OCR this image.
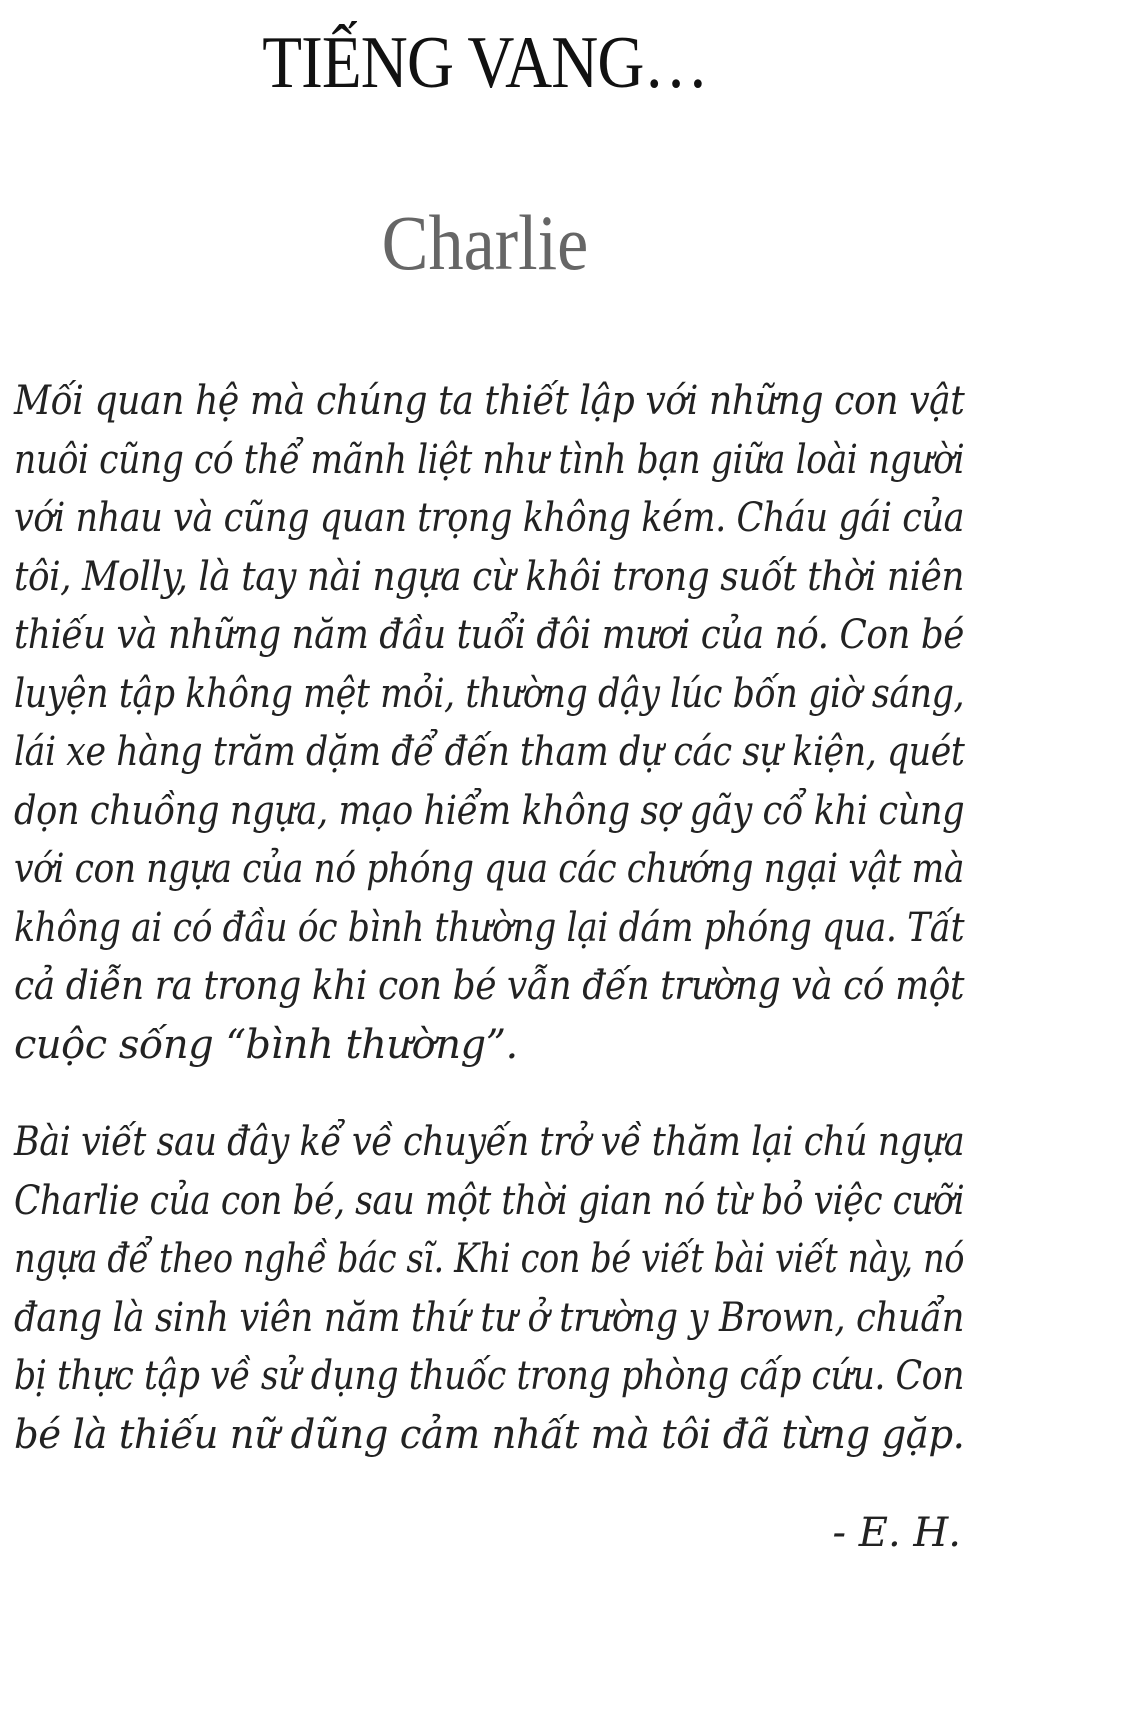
TIẾNG VANG…
Charlie

Mối quan hệ mà chúng ta thiết lập với những con vật
nuôi cũng có thể mãnh liệt như tình bạn giữa loài người
với nhau và cũng quan trọng không kém. Cháu gái của
tôi, Molly, là tay nài ngựa cừ khôi trong suốt thời niên
thiếu và những năm đầu tuổi đôi mươi của nó. Con bé
luyện tập không mệt mỏi, thường dậy lúc bốn giờ sáng,
lái xe hàng trăm dặm để đến tham dự các sự kiện, quét
dọn chuồng ngựa, mạo hiểm không sợ gãy cổ khi cùng
với con ngựa của nó phóng qua các chướng ngại vật mà
không ai có đầu óc bình thường lại dám phóng qua. Tất
cả diễn ra trong khi con bé vẫn đến trường và có một
cuộc sống “bình thường”.

Bài viết sau đây kể về chuyến trở về thăm lại chú ngựa
Charlie của con bé, sau một thời gian nó từ bỏ việc cưỡi
ngựa để theo nghề bác sĩ. Khi con bé viết bài viết này, nó
đang là sinh viên năm thứ tư ở trường y Brown, chuẩn
bị thực tập về sử dụng thuốc trong phòng cấp cứu. Con
bé là thiếu nữ dũng cảm nhất mà tôi đã từng gặp.

- E. H.
